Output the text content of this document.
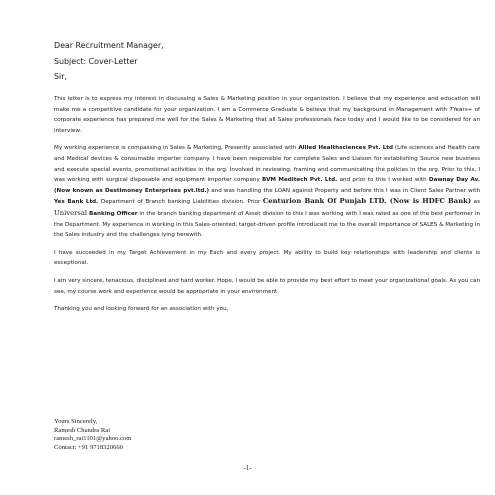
Dear Recruitment Manager,
Subject: Cover-Letter
Sir,

This letter is to express my interest in discussing a Sales & Marketing position in your organization. I believe that my experience and education will make me a competitive candidate for your organization. I am a Commerce Graduate & believe that my background in Management with 7Years+ of corporate experience has prepared me well for the Sales & Marketing that all Sales professionals face today and I would like to be considered for an interview.

My working experience is compassing in Sales & Marketing, Presently associated with Allied Healthsciences Pvt. Ltd (Life sciences and Health care and Medical devices & consumable importer company. I have been responsible for complete Sales and Liaison for establishing Source new business and execute special events, promotional activities in the org. Involved in reviewing, framing and communicating the policies in the org. Prior to this, I was working with surgical disposable and equipment importer company BVM Meditech Pvt. Ltd. and prior to this I worked with Dawnay Day Av. (Now known as Destimoney Enterprises pvt.ltd.) and was handling the LOAN against Property and before this I was in Client Sales Partner with Yes Bank Ltd. Department of Branch banking Liabilities division. Prior Centurion Bank Of Punjab LTD. (Now is HDFC Bank) as Universal Banking Officer in the branch banking department of Asset division to this I was working with I was rated as one of the best performer in the Department. My experience in working in this Sales-oriented, target-driven profile introduced me to the overall importance of SALES & Marketing in the Sales industry and the challenges lying herewith.

I have succeeded in my Target Achievement in my Each and every project. My ability to build key relationships with leadership and clients is exceptional.

I am very sincere, tenacious, disciplined and hard worker. Hope, I would be able to provide my best effort to meet your organizational goals. As you can see, my course work and experience would be appropriate in your environment.

Thanking you and looking forward for an association with you,

Yours Sincerely,
Ramesh Chandra Rai
ramesh_rai1101@yahoo.com
Contact: +91 9718320660
-1-
